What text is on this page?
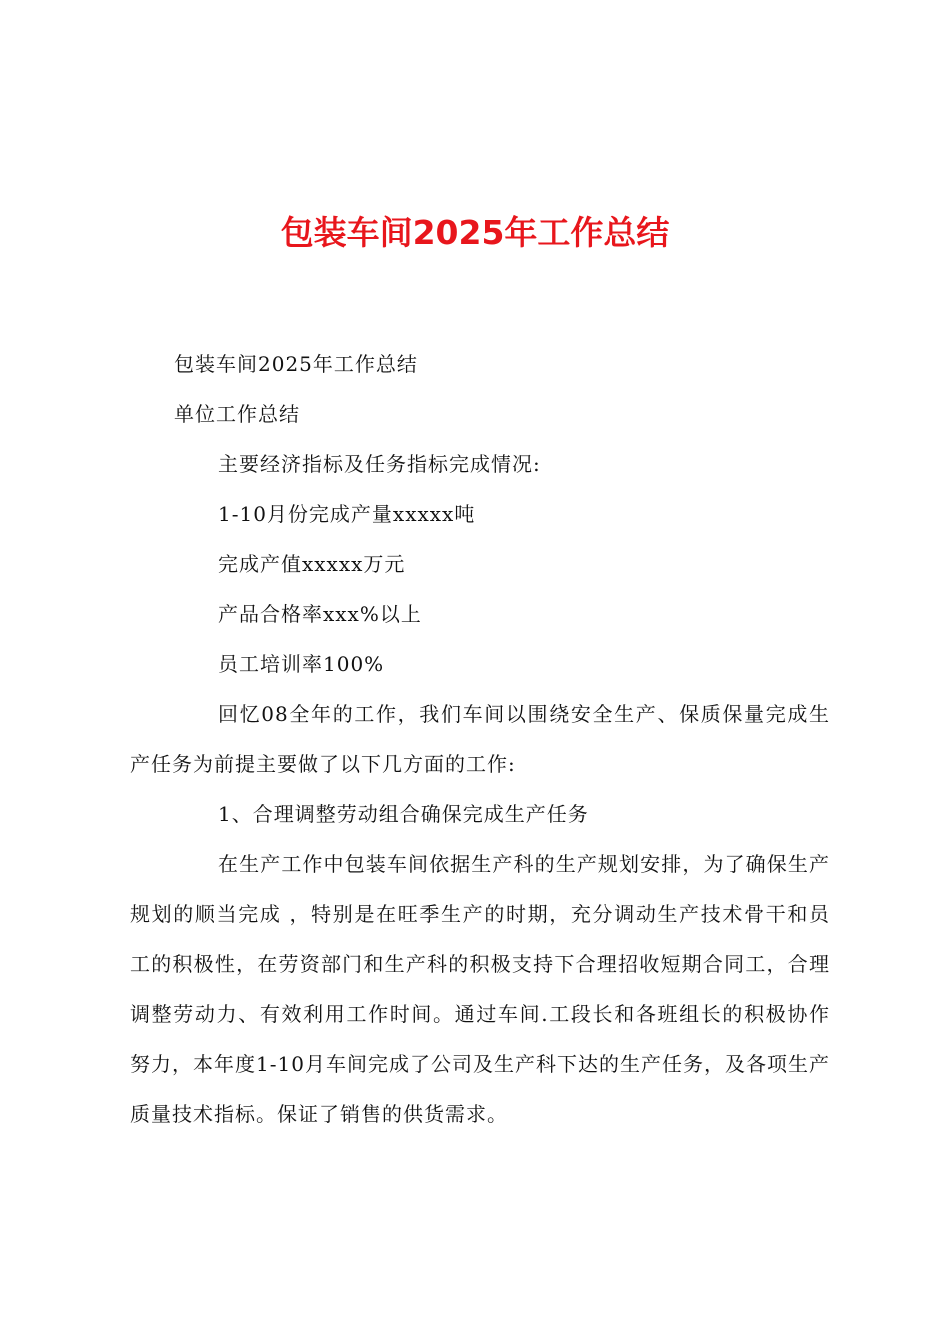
包装车间2025年工作总结
包装车间2025年工作总结
单位工作总结
主要经济指标及任务指标完成情况:
1-10月份完成产量xxxxx吨
完成产值xxxxx万元
产品合格率xxx%以上
员工培训率100%
回忆08全年的工作，我们车间以围绕安全生产、保质保量完成生产任务为前提主要做了以下几方面的工作:
1、合理调整劳动组合确保完成生产任务
在生产工作中包装车间依据生产科的生产规划安排，为了确保生产规划的顺当完成 ，特别是在旺季生产的时期，充分调动生产技术骨干和员工的积极性，在劳资部门和生产科的积极支持下合理招收短期合同工，合理调整劳动力、有效利用工作时间。通过车间.工段长和各班组长的积极协作努力，本年度1-10月车间完成了公司及生产科下达的生产任务，及各项生产质量技术指标。保证了销售的供货需求。
